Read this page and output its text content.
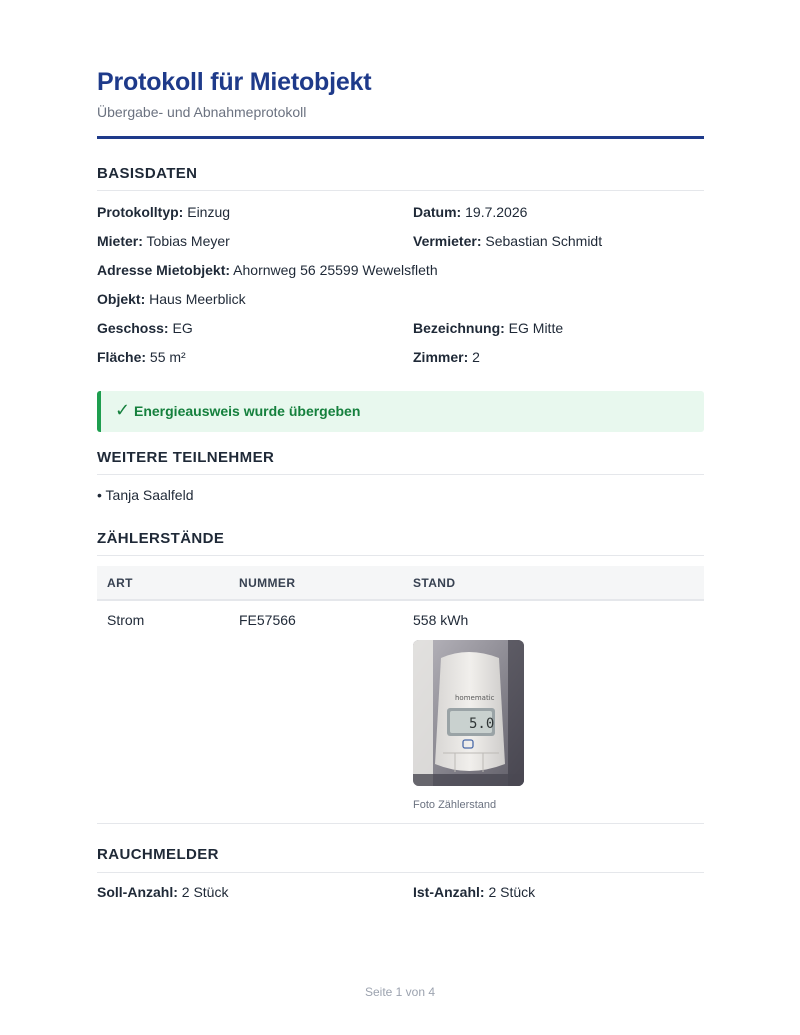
Protokoll für Mietobjekt
Übergabe- und Abnahmeprotokoll
BASISDATEN
Protokolltyp: Einzug	Datum: 19.7.2026
Mieter: Tobias Meyer	Vermieter: Sebastian Schmidt
Adresse Mietobjekt: Ahornweg 56 25599 Wewelsfleth
Objekt: Haus Meerblick
Geschoss: EG	Bezeichnung: EG Mitte
Fläche: 55 m²	Zimmer: 2
✓ Energieausweis wurde übergeben
WEITERE TEILNEHMER
• Tanja Saalfeld
ZÄHLERSTÄNDE
ART	NUMMER	STAND
Strom	FE57566	558 kWh
homematic
5.0
Foto Zählerstand
RAUCHMELDER
Soll-Anzahl: 2 Stück	Ist-Anzahl: 2 Stück
Seite 1 von 4
